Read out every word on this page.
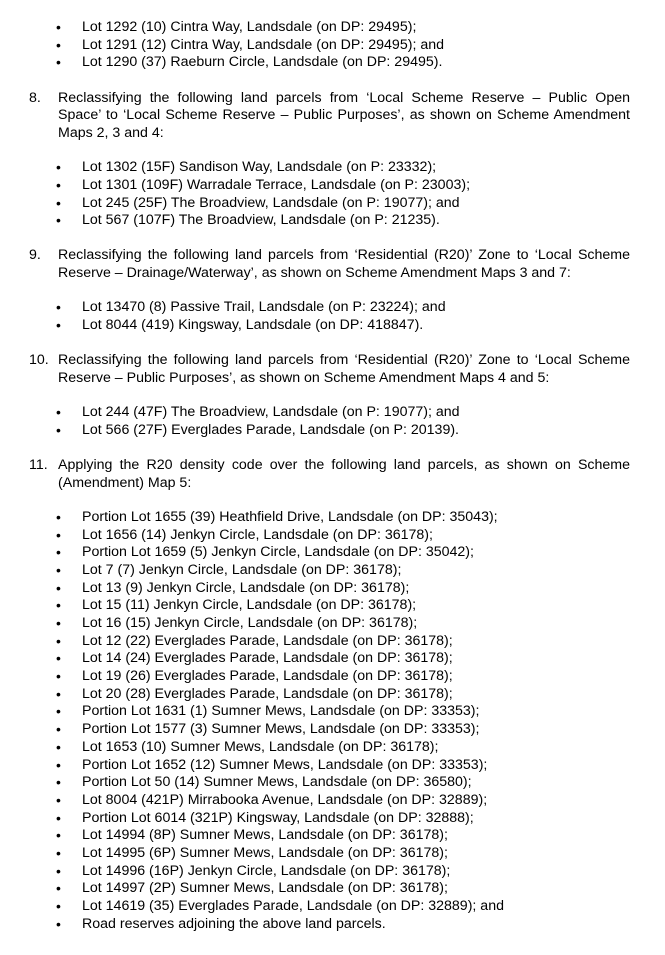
• Lot 1292 (10) Cintra Way, Landsdale (on DP: 29495);
• Lot 1291 (12) Cintra Way, Landsdale (on DP: 29495); and
• Lot 1290 (37) Raeburn Circle, Landsdale (on DP: 29495).
8. Reclassifying the following land parcels from ‘Local Scheme Reserve – Public Open Space’ to ‘Local Scheme Reserve – Public Purposes’, as shown on Scheme Amendment Maps 2, 3 and 4:
• Lot 1302 (15F) Sandison Way, Landsdale (on P: 23332);
• Lot 1301 (109F) Warradale Terrace, Landsdale (on P: 23003);
• Lot 245 (25F) The Broadview, Landsdale (on P: 19077); and
• Lot 567 (107F) The Broadview, Landsdale (on P: 21235).
9. Reclassifying the following land parcels from ‘Residential (R20)’ Zone to ‘Local Scheme Reserve – Drainage/Waterway’, as shown on Scheme Amendment Maps 3 and 7:
• Lot 13470 (8) Passive Trail, Landsdale (on P: 23224); and
• Lot 8044 (419) Kingsway, Landsdale (on DP: 418847).
10. Reclassifying the following land parcels from ‘Residential (R20)’ Zone to ‘Local Scheme Reserve – Public Purposes’, as shown on Scheme Amendment Maps 4 and 5:
• Lot 244 (47F) The Broadview, Landsdale (on P: 19077); and
• Lot 566 (27F) Everglades Parade, Landsdale (on P: 20139).
11. Applying the R20 density code over the following land parcels, as shown on Scheme (Amendment) Map 5:
• Portion Lot 1655 (39) Heathfield Drive, Landsdale (on DP: 35043);
• Lot 1656 (14) Jenkyn Circle, Landsdale (on DP: 36178);
• Portion Lot 1659 (5) Jenkyn Circle, Landsdale (on DP: 35042);
• Lot 7 (7) Jenkyn Circle, Landsdale (on DP: 36178);
• Lot 13 (9) Jenkyn Circle, Landsdale (on DP: 36178);
• Lot 15 (11) Jenkyn Circle, Landsdale (on DP: 36178);
• Lot 16 (15) Jenkyn Circle, Landsdale (on DP: 36178);
• Lot 12 (22) Everglades Parade, Landsdale (on DP: 36178);
• Lot 14 (24) Everglades Parade, Landsdale (on DP: 36178);
• Lot 19 (26) Everglades Parade, Landsdale (on DP: 36178);
• Lot 20 (28) Everglades Parade, Landsdale (on DP: 36178);
• Portion Lot 1631 (1) Sumner Mews, Landsdale (on DP: 33353);
• Portion Lot 1577 (3) Sumner Mews, Landsdale (on DP: 33353);
• Lot 1653 (10) Sumner Mews, Landsdale (on DP: 36178);
• Portion Lot 1652 (12) Sumner Mews, Landsdale (on DP: 33353);
• Portion Lot 50 (14) Sumner Mews, Landsdale (on DP: 36580);
• Lot 8004 (421P) Mirrabooka Avenue, Landsdale (on DP: 32889);
• Portion Lot 6014 (321P) Kingsway, Landsdale (on DP: 32888);
• Lot 14994 (8P) Sumner Mews, Landsdale (on DP: 36178);
• Lot 14995 (6P) Sumner Mews, Landsdale (on DP: 36178);
• Lot 14996 (16P) Jenkyn Circle, Landsdale (on DP: 36178);
• Lot 14997 (2P) Sumner Mews, Landsdale (on DP: 36178);
• Lot 14619 (35) Everglades Parade, Landsdale (on DP: 32889); and
• Road reserves adjoining the above land parcels.
